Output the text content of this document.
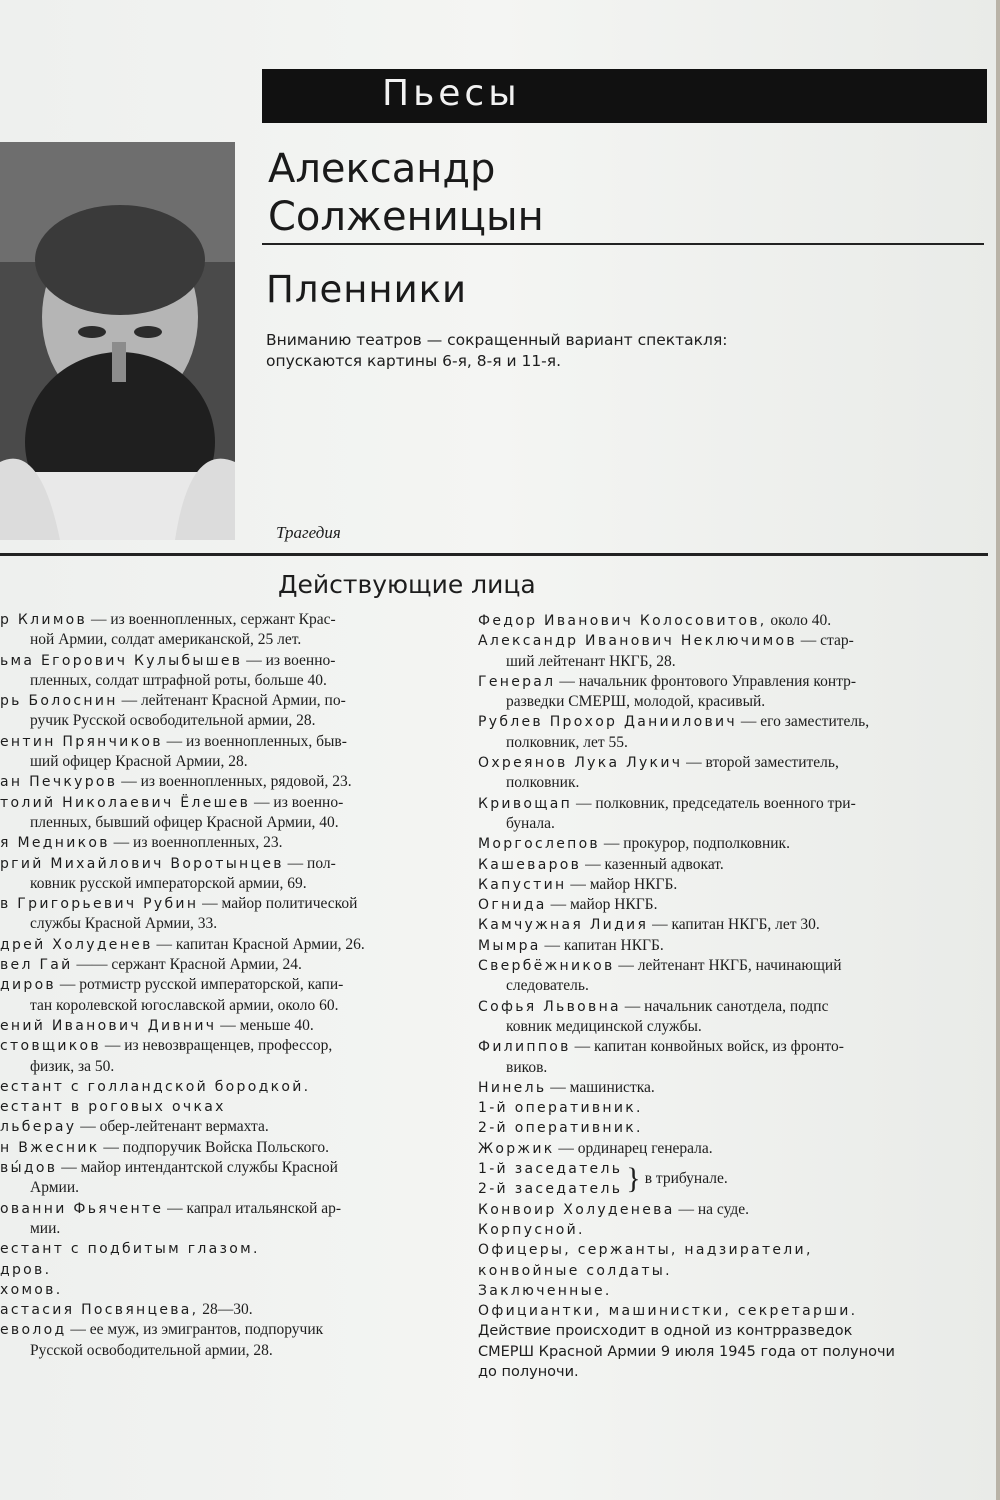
Пьесы
Александр
Солженицын
Пленники
Вниманию театров — сокращенный вариант спектакля:
опускаются картины 6-я, 8-я и 11-я.
Трагедия
Действующие лица
р Климов — из военнопленных, сержант Крас-
ной Армии, солдат американской, 25 лет.
ьма Егорович Кулыбышев — из военно-
пленных, солдат штрафной роты, больше 40.
рь Болоснин — лейтенант Красной Армии, по-
ручик Русской освободительной армии, 28.
ентин Прянчиков — из военнопленных, быв-
ший офицер Красной Армии, 28.
ан Печкуров — из военнопленных, рядовой, 23.
толий Николаевич Ёлешев — из военно-
пленных, бывший офицер Красной Армии, 40.
я Медников — из военнопленных, 23.
ргий Михайлович Воротынцев — пол-
ковник русской императорской армии, 69.
в Григорьевич Рубин — майор политической
службы Красной Армии, 33.
дрей Холуденев — капитан Красной Армии, 26.
вел Гай —— сержант Красной Армии, 24.
диров — ротмистр русской императорской, капи-
тан королевской югославской армии, около 60.
ений Иванович Дивнич — меньше 40.
стовщиков — из невозвращенцев, профессор,
физик, за 50.
естант с голландской бородкой.
естант в роговых очках
льберау — обер-лейтенант вермахта.
н Вжесник — подпоручик Войска Польского.
вы́дов — майор интендантской службы Красной
Армии.
ованни Фьяченте — капрал итальянской ар-
мии.
естант с подбитым глазом.
дров.
хомов.
астасия Посвянцева, 28—30.
еволод — ее муж, из эмигрантов, подпоручик
Русской освободительной армии, 28.
Федор Иванович Колосовитов, около 40.
Александр Иванович Неключимов — стар-
ший лейтенант НКГБ, 28.
Генерал — начальник фронтового Управления контр-
разведки СМЕРШ, молодой, красивый.
Рублев Прохор Даниилович — его заместитель,
полковник, лет 55.
Охреянов Лука Лукич — второй заместитель,
полковник.
Кривощап — полковник, председатель военного три-
бунала.
Моргослепов — прокурор, подполковник.
Кашеваров — казенный адвокат.
Капустин — майор НКГБ.
Огнида — майор НКГБ.
Камчужная Лидия — капитан НКГБ, лет 30.
Мымра — капитан НКГБ.
Свербёжников — лейтенант НКГБ, начинающий
следователь.
Софья Львовна — начальник санотдела, подпс
ковник медицинской службы.
Филиппов — капитан конвойных войск, из фронто-
виков.
Нинель — машинистка.
1-й оперативник.
2-й оперативник.
Жоржик — ординарец генерала.
1-й заседатель
2-й заседатель } в трибунале.
Конвоир Холуденева — на суде.
Корпусной.
Офицеры, сержанты, надзиратели,
конвойные солдаты.
Заключенные.
Официантки, машинистки, секретарши.
Действие происходит в одной из контрразведок
СМЕРШ Красной Армии 9 июля 1945 года от полуночи
до полуночи.
